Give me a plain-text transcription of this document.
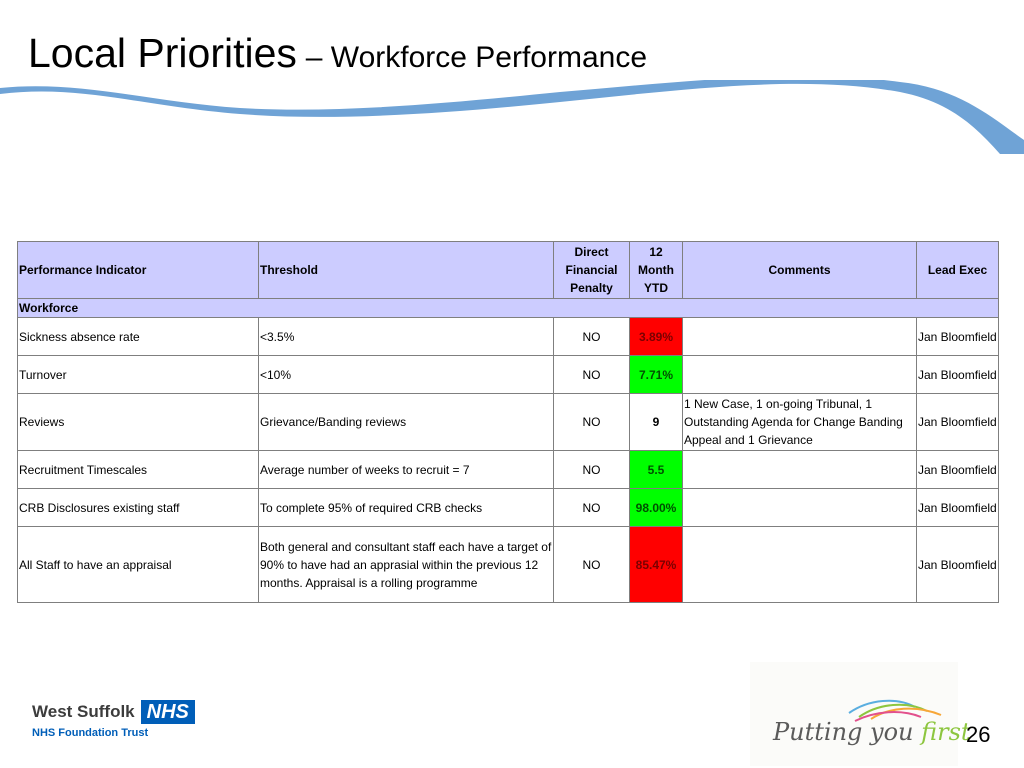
Local Priorities – Workforce Performance
Performance Indicator	Threshold	Direct Financial Penalty	12 Month YTD	Comments	Lead Exec
Workforce					
Sickness absence rate	<3.5%	NO	3.89%		Jan Bloomfield
Turnover	<10%	NO	7.71%		Jan Bloomfield
Reviews	Grievance/Banding reviews	NO	9	1 New Case, 1 on-going Tribunal, 1 Outstanding Agenda for Change Banding Appeal and 1 Grievance	Jan Bloomfield
Recruitment Timescales	Average number of weeks to recruit = 7	NO	5.5		Jan Bloomfield
CRB Disclosures existing staff	To complete 95% of required CRB checks	NO	98.00%		Jan Bloomfield
All Staff to have an appraisal	Both general and consultant staff each have a target of 90% to have had an apprasial within the previous 12 months. Appraisal is a rolling programme	NO	85.47%		Jan Bloomfield
West Suffolk NHS
NHS Foundation Trust	Putting you first
26
